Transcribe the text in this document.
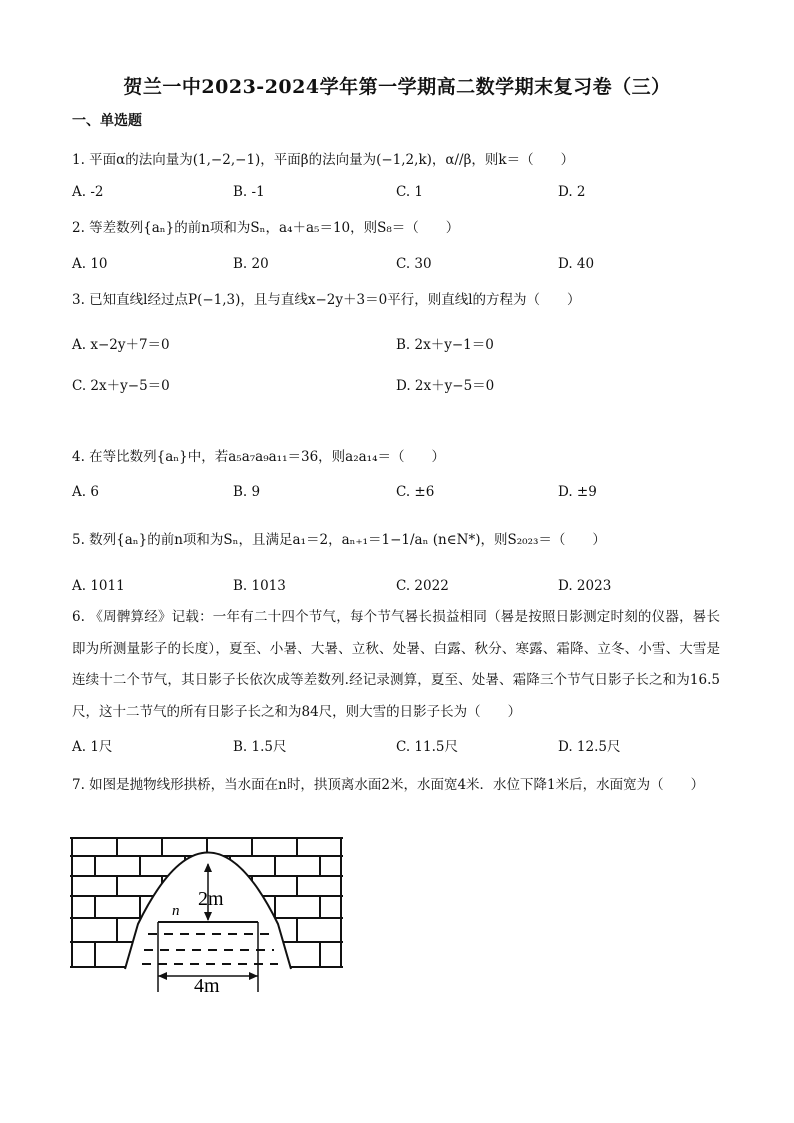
贺兰一中2023-2024学年第一学期高二数学期末复习卷（三）
一、单选题
1. 平面α的法向量为(1,−2,−1)，平面β的法向量为(−1,2,k)，α//β，则k＝（　　）
A. -2	B. -1	C. 1	D. 2
2. 等差数列{aₙ}的前n项和为Sₙ，a₄＋a₅＝10，则S₈＝（　　）
A. 10	B. 20	C. 30	D. 40
3. 已知直线l经过点P(−1,3)，且与直线x−2y＋3＝0平行，则直线l的方程为（　　）
A. x−2y＋7＝0	B. 2x＋y−1＝0
C. 2x＋y−5＝0	D. 2x＋y−5＝0
4. 在等比数列{aₙ}中，若a₅a₇a₉a₁₁＝36，则a₂a₁₄＝（　　）
A. 6	B. 9	C. ±6	D. ±9
5. 数列{aₙ}的前n项和为Sₙ，且满足a₁＝2，aₙ₊₁＝1−1/aₙ (n∈N*)，则S₂₀₂₃＝（　　）
A. 1011	B. 1013	C. 2022	D. 2023
6. 《周髀算经》记载：一年有二十四个节气，每个节气晷长损益相同（晷是按照日影测定时刻的仪器，晷长即为所测量影子的长度），夏至、小暑、大暑、立秋、处暑、白露、秋分、寒露、霜降、立冬、小雪、大雪是连续十二个节气，其日影子长依次成等差数列.经记录测算，夏至、处暑、霜降三个节气日影子长之和为16.5尺，这十二节气的所有日影子长之和为84尺，则大雪的日影子长为（　　）
A. 1尺	B. 1.5尺	C. 11.5尺	D. 12.5尺
7. 如图是抛物线形拱桥，当水面在n时，拱顶离水面2米，水面宽4米．水位下降1米后，水面宽为（　　）
2m
n
4m
